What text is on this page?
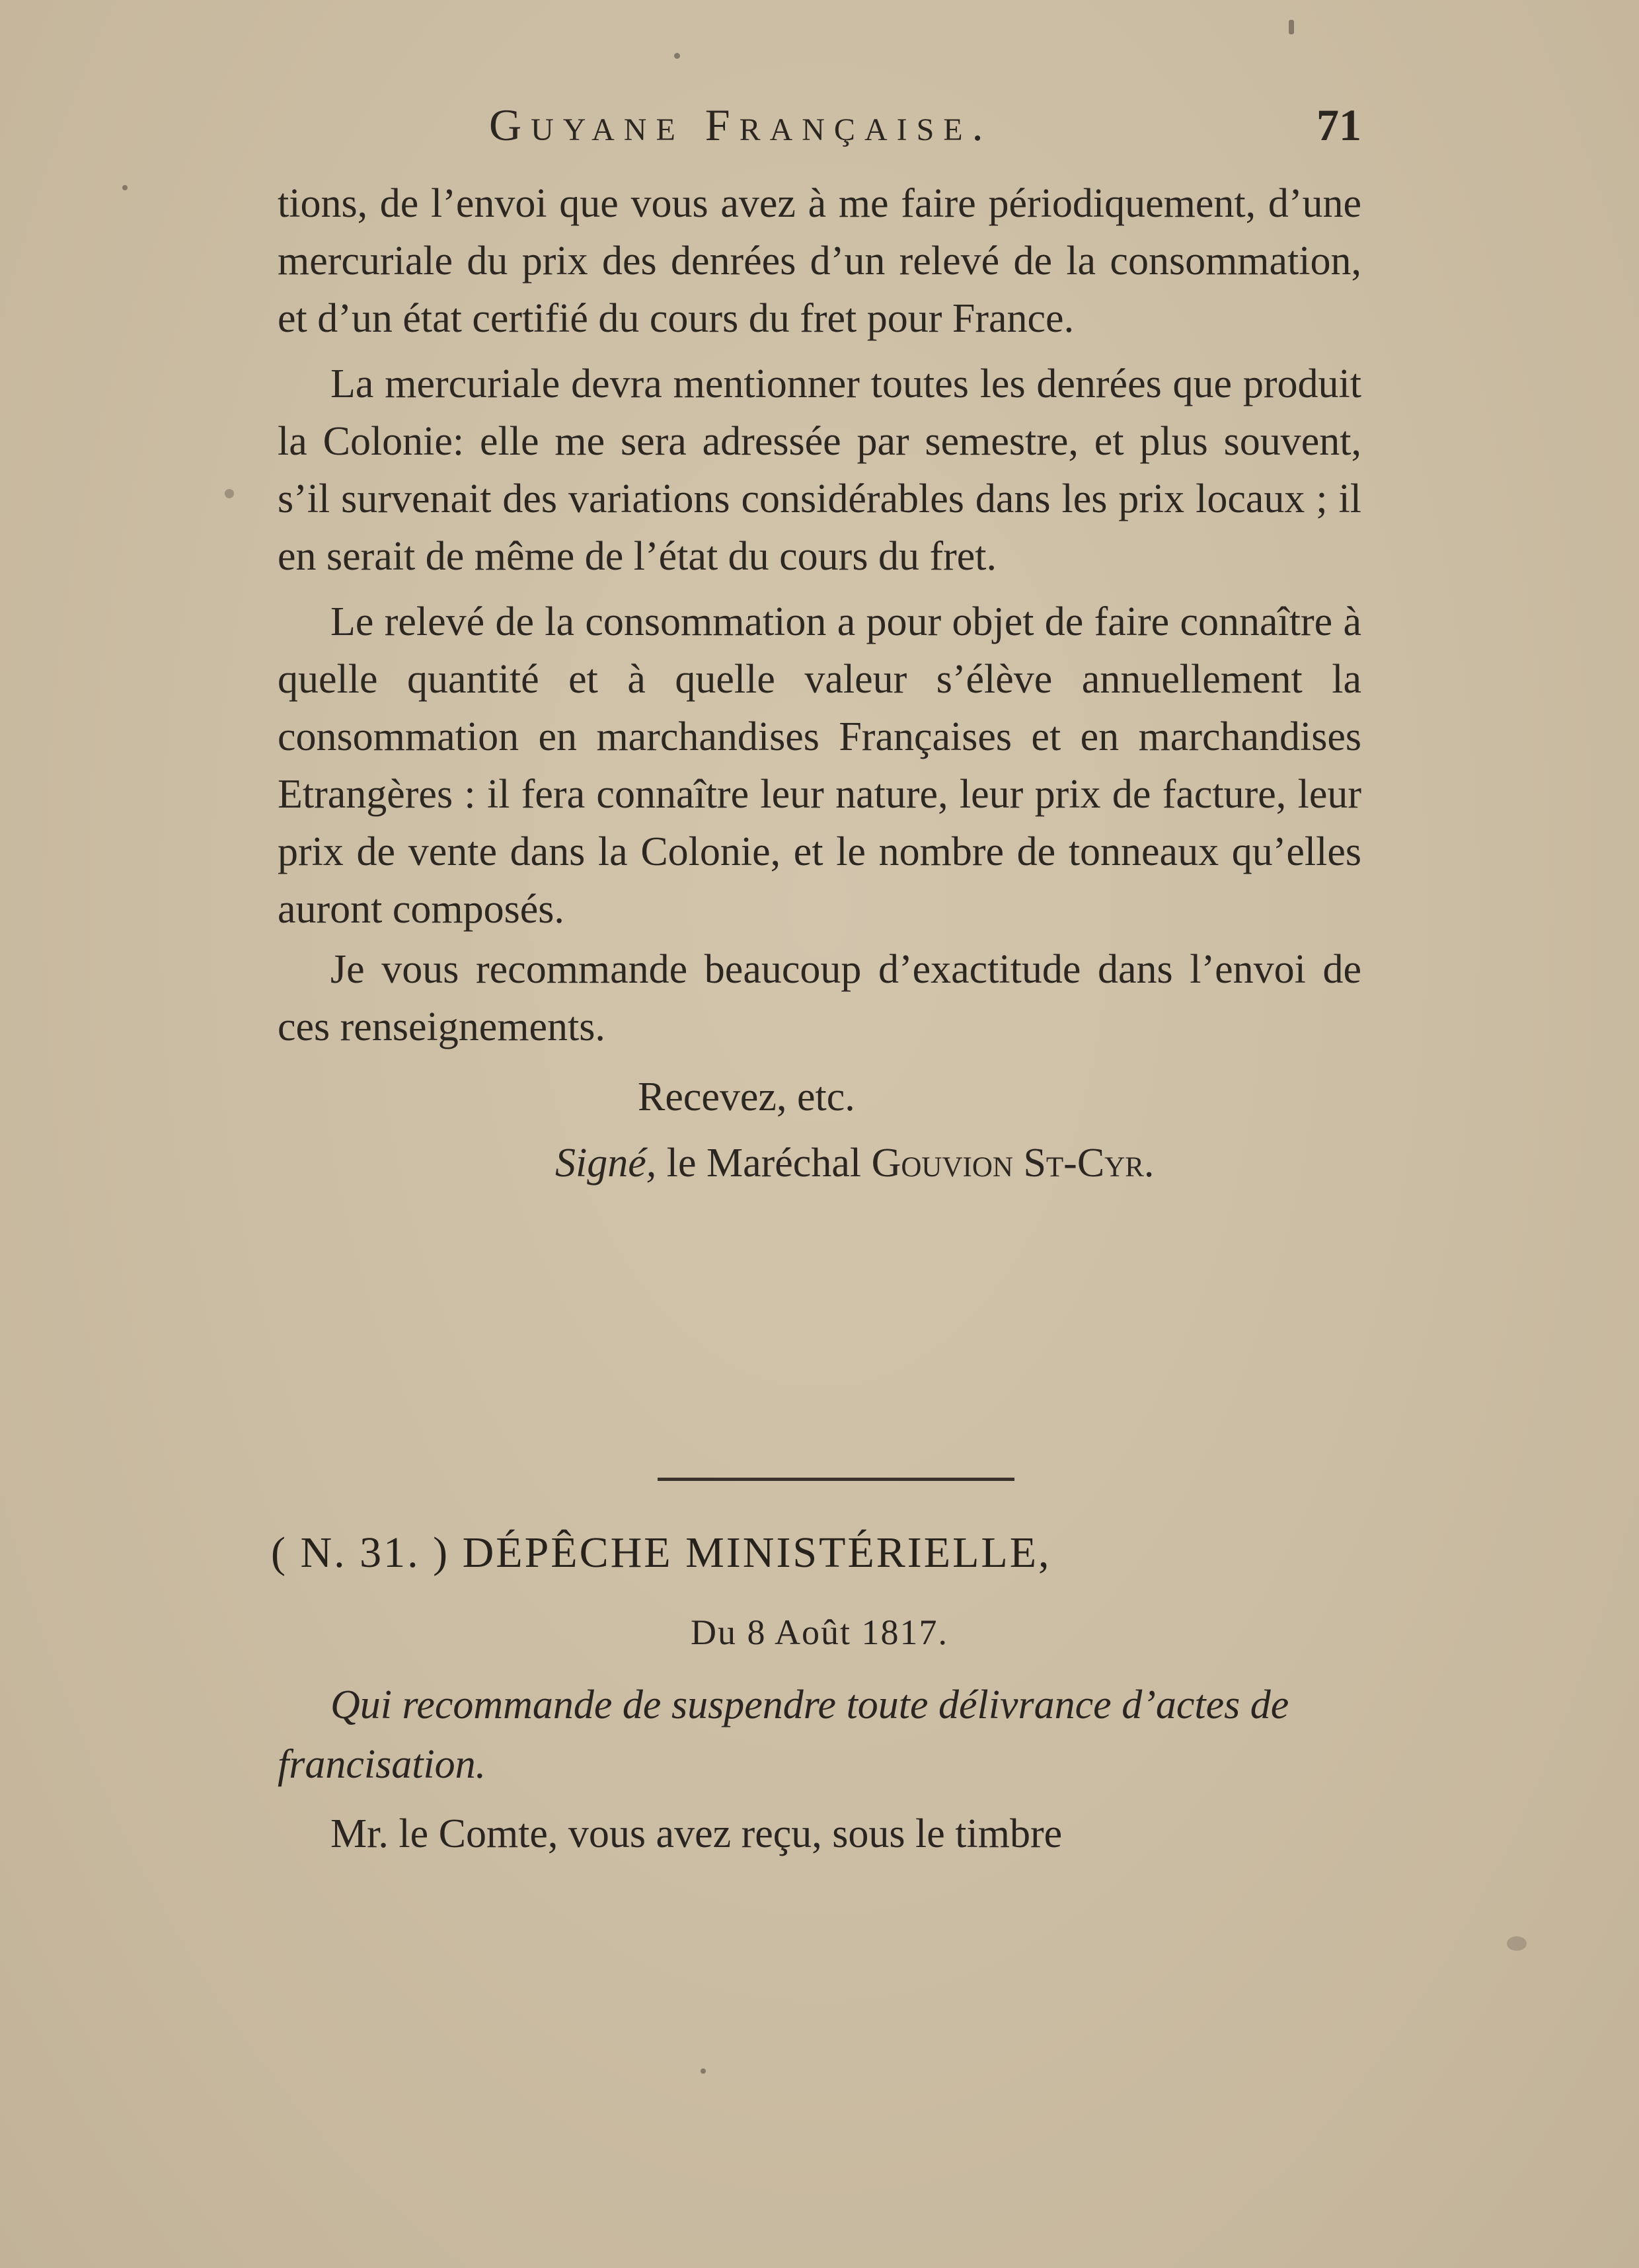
Guyane Française.	71

tions, de l’envoi que vous avez à me faire périodiquement, d’une mercuriale du prix des denrées d’un relevé de la consommation, et d’un état certifié du cours du fret pour France.

La mercuriale devra mentionner toutes les denrées que produit la Colonie: elle me sera adressée par semestre, et plus souvent, s’il survenait des variations considérables dans les prix locaux ; il en serait de même de l’état du cours du fret.

Le relevé de la consommation a pour objet de faire connaître à quelle quantité et à quelle valeur s’élève annuellement la consommation en marchandises Françaises et en marchandises Etrangères : il fera connaître leur nature, leur prix de facture, leur prix de vente dans la Colonie, et le nombre de tonneaux qu’elles auront composés.

Je vous recommande beaucoup d’exactitude dans l’envoi de ces renseignements.

Recevez, etc.

Signé, le Maréchal Gouvion St-Cyr.

( N. 31. ) DÉPÊCHE MINISTÉRIELLE,
Du 8 Août 1817.
Qui recommande de suspendre toute délivrance d’actes de francisation.
Mr. le Comte, vous avez reçu, sous le timbre
